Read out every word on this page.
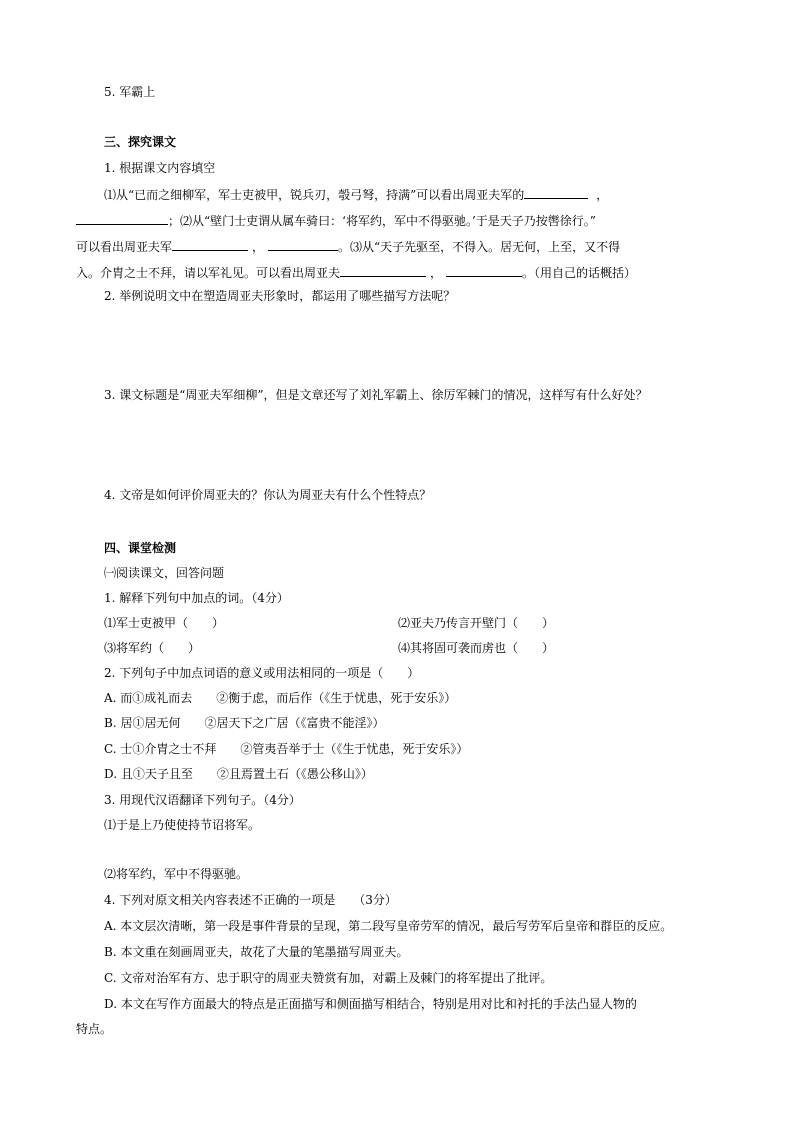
5. 军霸上
三、探究课文
1. 根据课文内容填空
⑴从“已而之细柳军，军士吏被甲，锐兵刃，彀弓弩，持满”可以看出周亚夫军的	，
；⑵从“壁门士吏谓从属车骑曰：‘将军约，军中不得驱驰。’于是天子乃按辔徐行。”
可以看出周亚夫军	，	。⑶从“天子先驱至，不得入。居无何，上至，又不得
入。介胄之士不拜，请以军礼见。可以看出周亚夫	，	。（用自己的话概括）
2. 举例说明文中在塑造周亚夫形象时，都运用了哪些描写方法呢？
3. 课文标题是“周亚夫军细柳”，但是文章还写了刘礼军霸上、徐厉军棘门的情况，这样写有什么好处？
4. 文帝是如何评价周亚夫的？你认为周亚夫有什么个性特点？
四、课堂检测
㈠阅读课文，回答问题
1. 解释下列句中加点的词。（4分）
⑴军士吏被甲（　　）	⑵亚夫乃传言开壁门（　　）
⑶将军约（　　）	⑷其将固可袭而虏也（　　）
2. 下列句子中加点词语的意义或用法相同的一项是（　　）
A. 而①成礼而去　　②衡于虑，而后作（《生于忧患，死于安乐》）
B. 居①居无何　　②居天下之广居（《富贵不能淫》）
C. 士①介胄之士不拜　　②管夷吾举于士（《生于忧患，死于安乐》）
D. 且①天子且至　　②且焉置土石（《愚公移山》）
3. 用现代汉语翻译下列句子。（4分）
⑴于是上乃使使持节诏将军。
⑵将军约，军中不得驱驰。
4. 下列对原文相关内容表述不正确的一项是　　（3分）
A. 本文层次清晰，第一段是事件背景的呈现，第二段写皇帝劳军的情况，最后写劳军后皇帝和群臣的反应。
B. 本文重在刻画周亚夫，故花了大量的笔墨描写周亚夫。
C. 文帝对治军有方、忠于职守的周亚夫赞赏有加，对霸上及棘门的将军提出了批评。
D. 本文在写作方面最大的特点是正面描写和侧面描写相结合，特别是用对比和衬托的手法凸显人物的
特点。
